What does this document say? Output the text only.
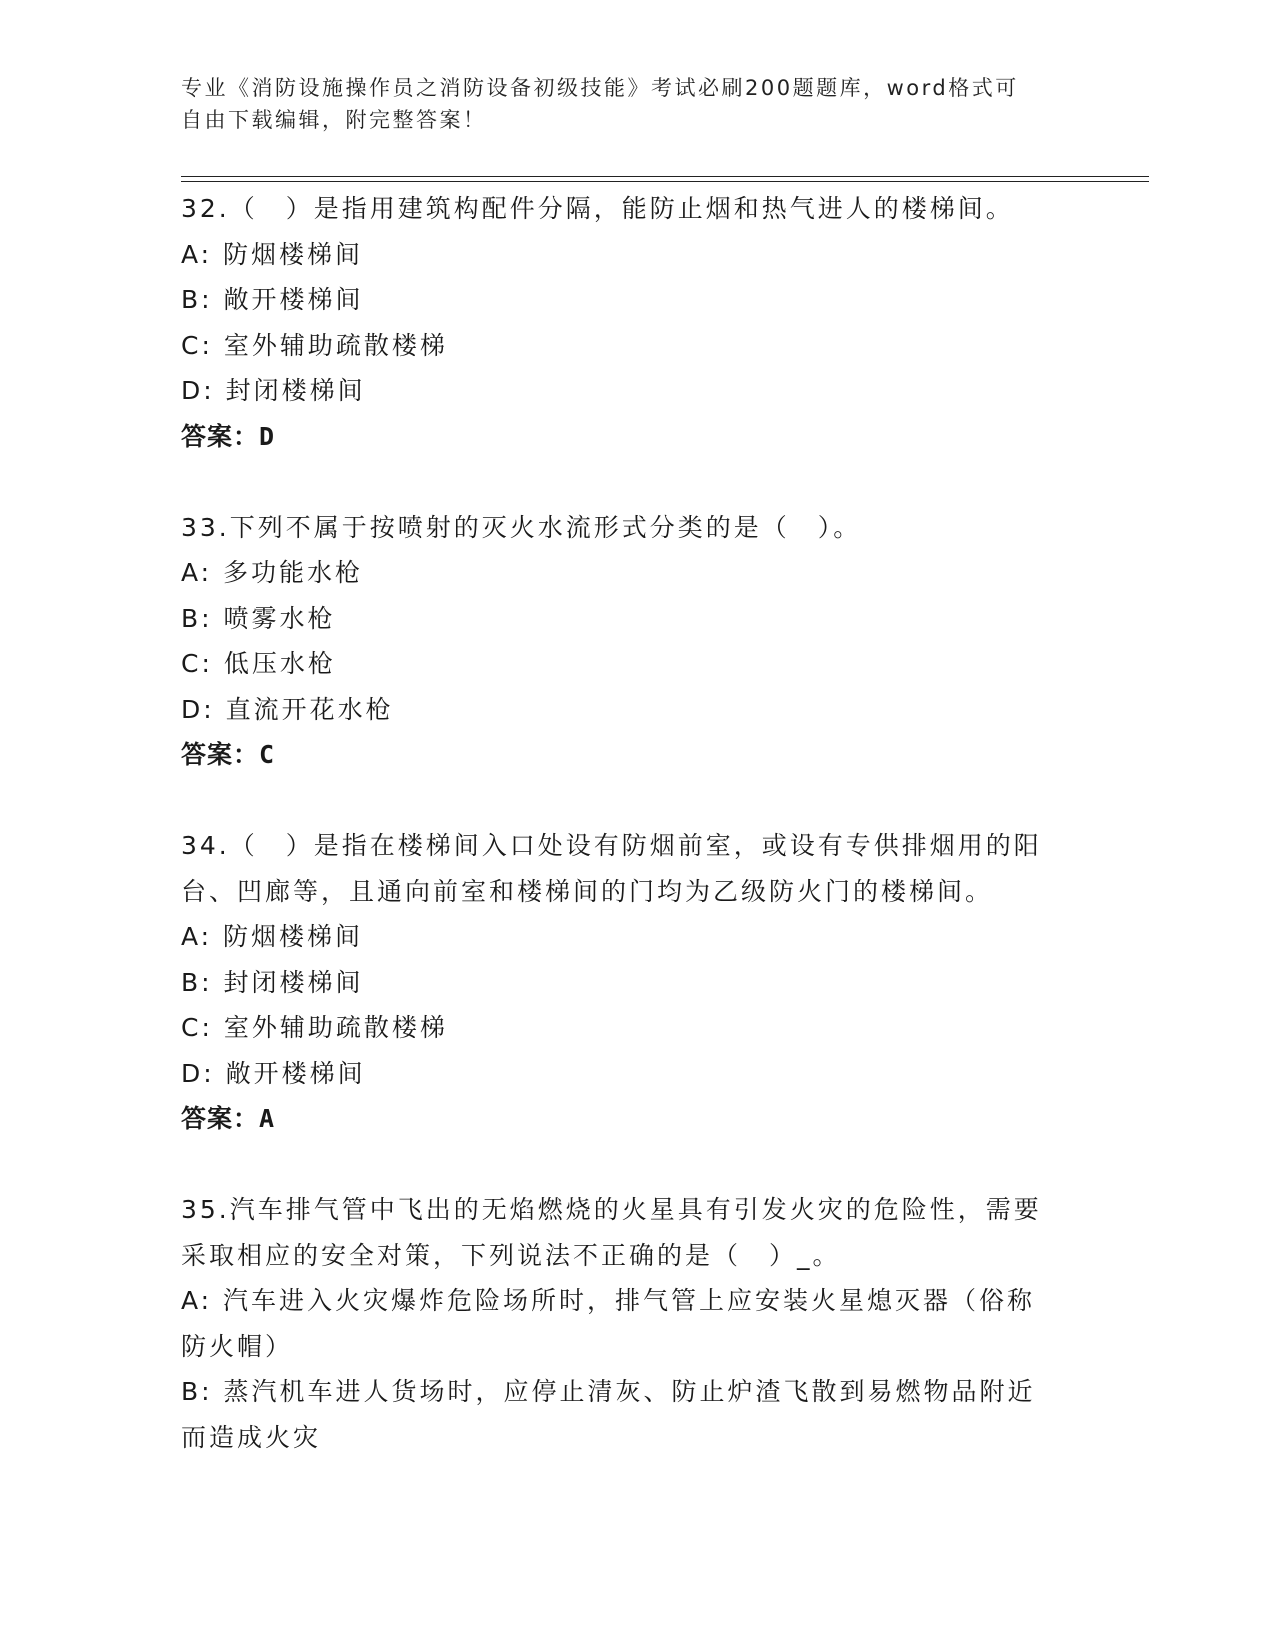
专业《消防设施操作员之消防设备初级技能》考试必刷200题题库，word格式可
自由下载编辑，附完整答案！
32.（　）是指用建筑构配件分隔，能防止烟和热气进人的楼梯间。
A: 防烟楼梯间
B: 敞开楼梯间
C: 室外辅助疏散楼梯
D: 封闭楼梯间
答案：D
33.下列不属于按喷射的灭火水流形式分类的是（　）。
A: 多功能水枪
B: 喷雾水枪
C: 低压水枪
D: 直流开花水枪
答案：C
34.（　）是指在楼梯间入口处设有防烟前室，或设有专供排烟用的阳
台、凹廊等，且通向前室和楼梯间的门均为乙级防火门的楼梯间。
A: 防烟楼梯间
B: 封闭楼梯间
C: 室外辅助疏散楼梯
D: 敞开楼梯间
答案：A
35.汽车排气管中飞出的无焰燃烧的火星具有引发火灾的危险性，需要
采取相应的安全对策，下列说法不正确的是（　）_。
A: 汽车进入火灾爆炸危险场所时，排气管上应安装火星熄灭器（俗称
防火帽）
B: 蒸汽机车进人货场时，应停止清灰、防止炉渣飞散到易燃物品附近
而造成火灾
